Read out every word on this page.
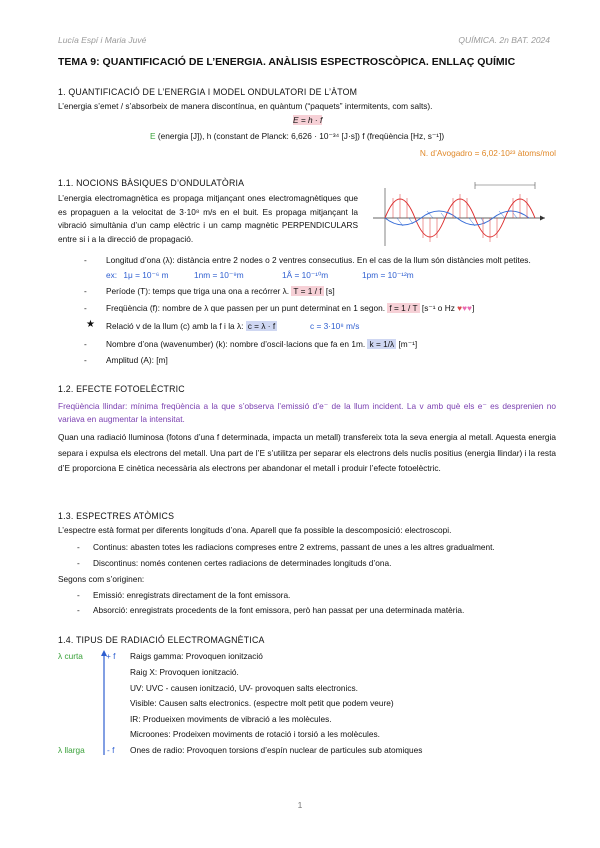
Lucía Espí i Maria Juvé	QUÍMICA. 2n BAT. 2024
TEMA 9: QUANTIFICACIÓ DE L’ENERGIA. ANÀLISIS ESPECTROSCÒPICA. ENLLAÇ QUÍMIC
1. QUANTIFICACIÓ DE L’ENERGIA I MODEL ONDULATORI DE L’ÀTOM
L’energia s’emet / s’absorbeix de manera discontínua, en quàntum (“paquets” intermitents, com salts).
E = h · f
E (energia [J]), h (constant de Planck: 6,626 · 10⁻³⁴ [J·s]) f (freqüència [Hz, s⁻¹])
N. d’Avogadro = 6,02·10²³ àtoms/mol
1.1. NOCIONS BÀSIQUES D’ONDULATÒRIA
L’energia electromagnètica es propaga mitjançant ones electromagnètiques que es propaguen a la velocitat de 3·10⁸ m/s en el buit. Es propaga mitjançant la vibració simultània d’un camp elèctric i un camp magnètic PERPENDICULARS entre si i a la direcció de propagació.
- Longitud d’ona (λ): distància entre 2 nodes o 2 ventres consecutius. En el cas de la llum són distàncies molt petites.
ex: 1μ = 10⁻⁶ m	1nm = 10⁻⁹m	1Å = 10⁻¹⁰m	1pm = 10⁻¹²m
- Període (T): temps que triga una ona a recórrer λ. T = 1 / f [s]
- Freqüència (f): nombre de λ que passen per un punt determinat en 1 segon. f = 1 / T [s⁻¹ o Hz ♥♥♥]
★ Relació v de la llum (c) amb la f i la λ: c = λ · f	c = 3·10⁸ m/s
- Nombre d’ona (wavenumber) (k): nombre d’oscil·lacions que fa en 1m. k = 1/λ [m⁻¹]
- Amplitud (A): [m]
1.2. EFECTE FOTOELÈCTRIC
Freqüència llindar: mínima freqüència a la que s’observa l’emissió d’e⁻ de la llum incident. La v amb què els e⁻ es desprenien no variava en augmentar la intensitat.
Quan una radiació lluminosa (fotons d’una f determinada, impacta un metall) transfereix tota la seva energia al metall. Aquesta energia separa i expulsa els electrons del metall. Una part de l’E s’utilitza per separar els electrons dels nuclis positius (energia llindar) i la resta d’E proporciona E cinètica necessària als electrons per abandonar el metall i produir l’efecte fotoelèctric.
1.3. ESPECTRES ATÒMICS
L’espectre està format per diferents longituds d’ona. Aparell que fa possible la descomposició: electroscopi.
- Continus: abasten totes les radiacions compreses entre 2 extrems, passant de unes a les altres gradualment.
- Discontinus: només contenen certes radiacions de determinades longituds d’ona.
Segons com s’originen:
- Emissió: enregistrats directament de la font emissora.
- Absorció: enregistrats procedents de la font emissora, però han passat per una determinada matèria.
1.4. TIPUS DE RADIACIÓ ELECTROMAGNÈTICA
λ curta
λ llarga
+ f
- f
Raigs gamma: Provoquen ionització
Raig X: Provoquen ionització.
UV: UVC - causen ionització, UV- provoquen salts electronics.
Visible: Causen salts electronics. (espectre molt petit que podem veure)
IR: Produeixen moviments de vibració a les molècules.
Microones: Prodeixen moviments de rotació i torsió a les molècules.
Ones de radio: Provoquen torsions d’espín nuclear de particules sub atomiques
1
